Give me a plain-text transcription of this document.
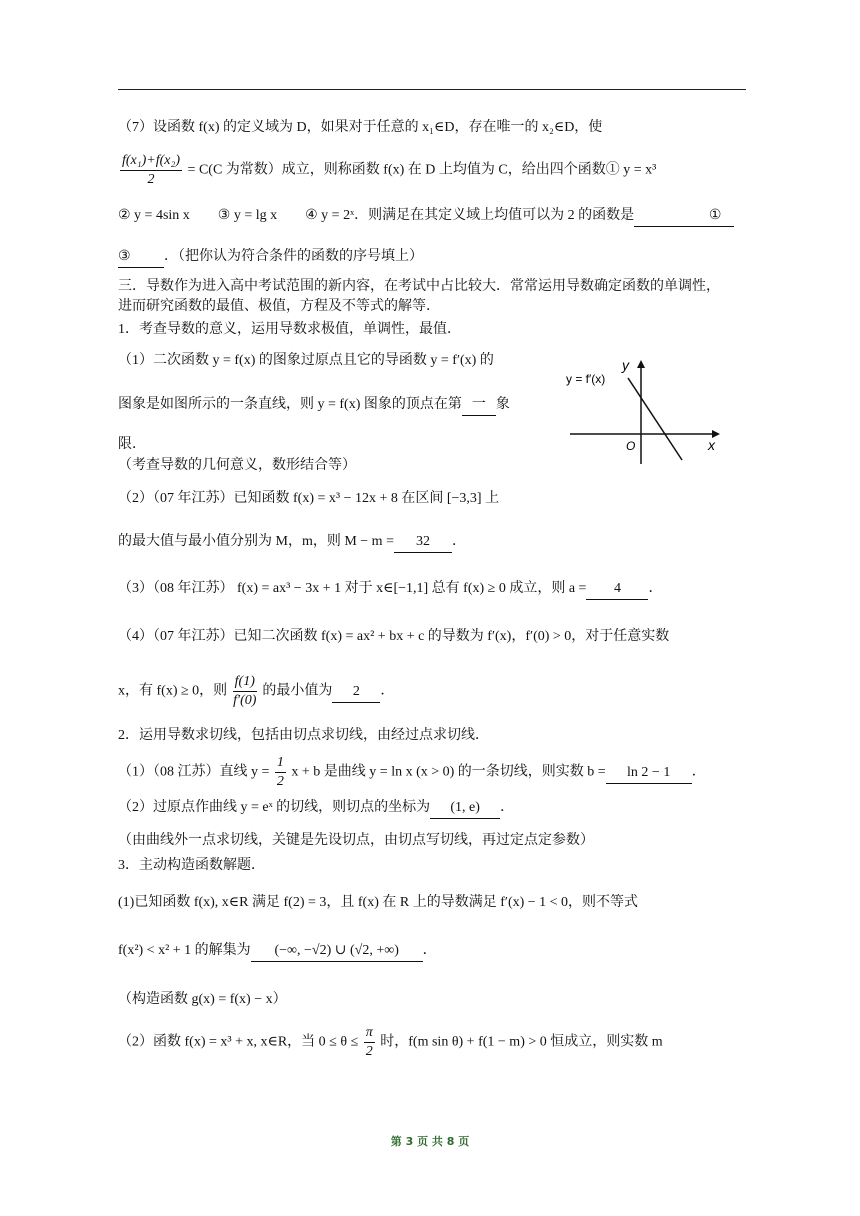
（7）设函数 f(x) 的定义域为 D，如果对于任意的 x₁∈D，存在唯一的 x₂∈D，使
$\frac{\text{f(x₁)+f(x₂)}}{2} = C(C$ 为常数）成立，则称函数 f(x) 在 D 上均值为 C，给出四个函数① y = x³
② y = 4sin x　　③ y = lg x　　④ y = 2ˣ．则满足在其定义域上均值可以为 2 的函数是	①
③ ．（把你认为符合条件的函数的序号填上）
三．导数作为进入高中考试范围的新内容，在考试中占比较大．常常运用导数确定函数的单调性，
进而研究函数的最值、极值，方程及不等式的解等．
1．考查导数的意义，运用导数求极值，单调性，最值．
（1）二次函数 y = f(x) 的图象过原点且它的导函数 y = f′(x) 的
图象是如图所示的一条直线，则 y = f(x) 图象的顶点在第 一 象
限．
（考查导数的几何意义，数形结合等）
y = f′(x)
y
x
O
（2）（07 年江苏）已知函数 f(x) = x³ − 12x + 8 在区间 [−3,3] 上
的最大值与最小值分别为 M，m，则 M − m = 32 ．
（3）（08 年江苏） f(x) = ax³ − 3x + 1 对于 x∈[−1,1] 总有 f(x) ≥ 0 成立，则 a = 4 ．
（4）（07 年江苏）已知二次函数 f(x) = ax² + bx + c 的导数为 f′(x)，f′(0) > 0，对于任意实数
x，有 f(x) ≥ 0，则 $\frac{f(1)}{f'(0)}$ 的最小值为 2 ．
2．运用导数求切线，包括由切点求切线，由经过点求切线．
（1）（08 江苏）直线 $y = \frac{1}{2}$ x + b 是曲线 y = ln x (x > 0) 的一条切线，则实数 b = ln 2 − 1 ．
（2）过原点作曲线 y = eˣ 的切线，则切点的坐标为 (1, e) ．
（由曲线外一点求切线，关键是先设切点，由切点写切线，再过定点定参数）
3．主动构造函数解题．
(1)已知函数 f(x), x∈R 满足 f(2) = 3，且 f(x) 在 R 上的导数满足 f′(x) − 1 < 0，则不等式
f(x²) < x² + 1 的解集为 (−∞, −√2) ∪ (√2, +∞) ．
（构造函数 g(x) = f(x) − x）
（2）函数 f(x) = x³ + x, x∈R，当 $0 \le \theta \le \frac{\pi}{2}$ 时，f(m sin θ) + f(1 − m) > 0 恒成立，则实数 m
第 3 页 共 8 页
